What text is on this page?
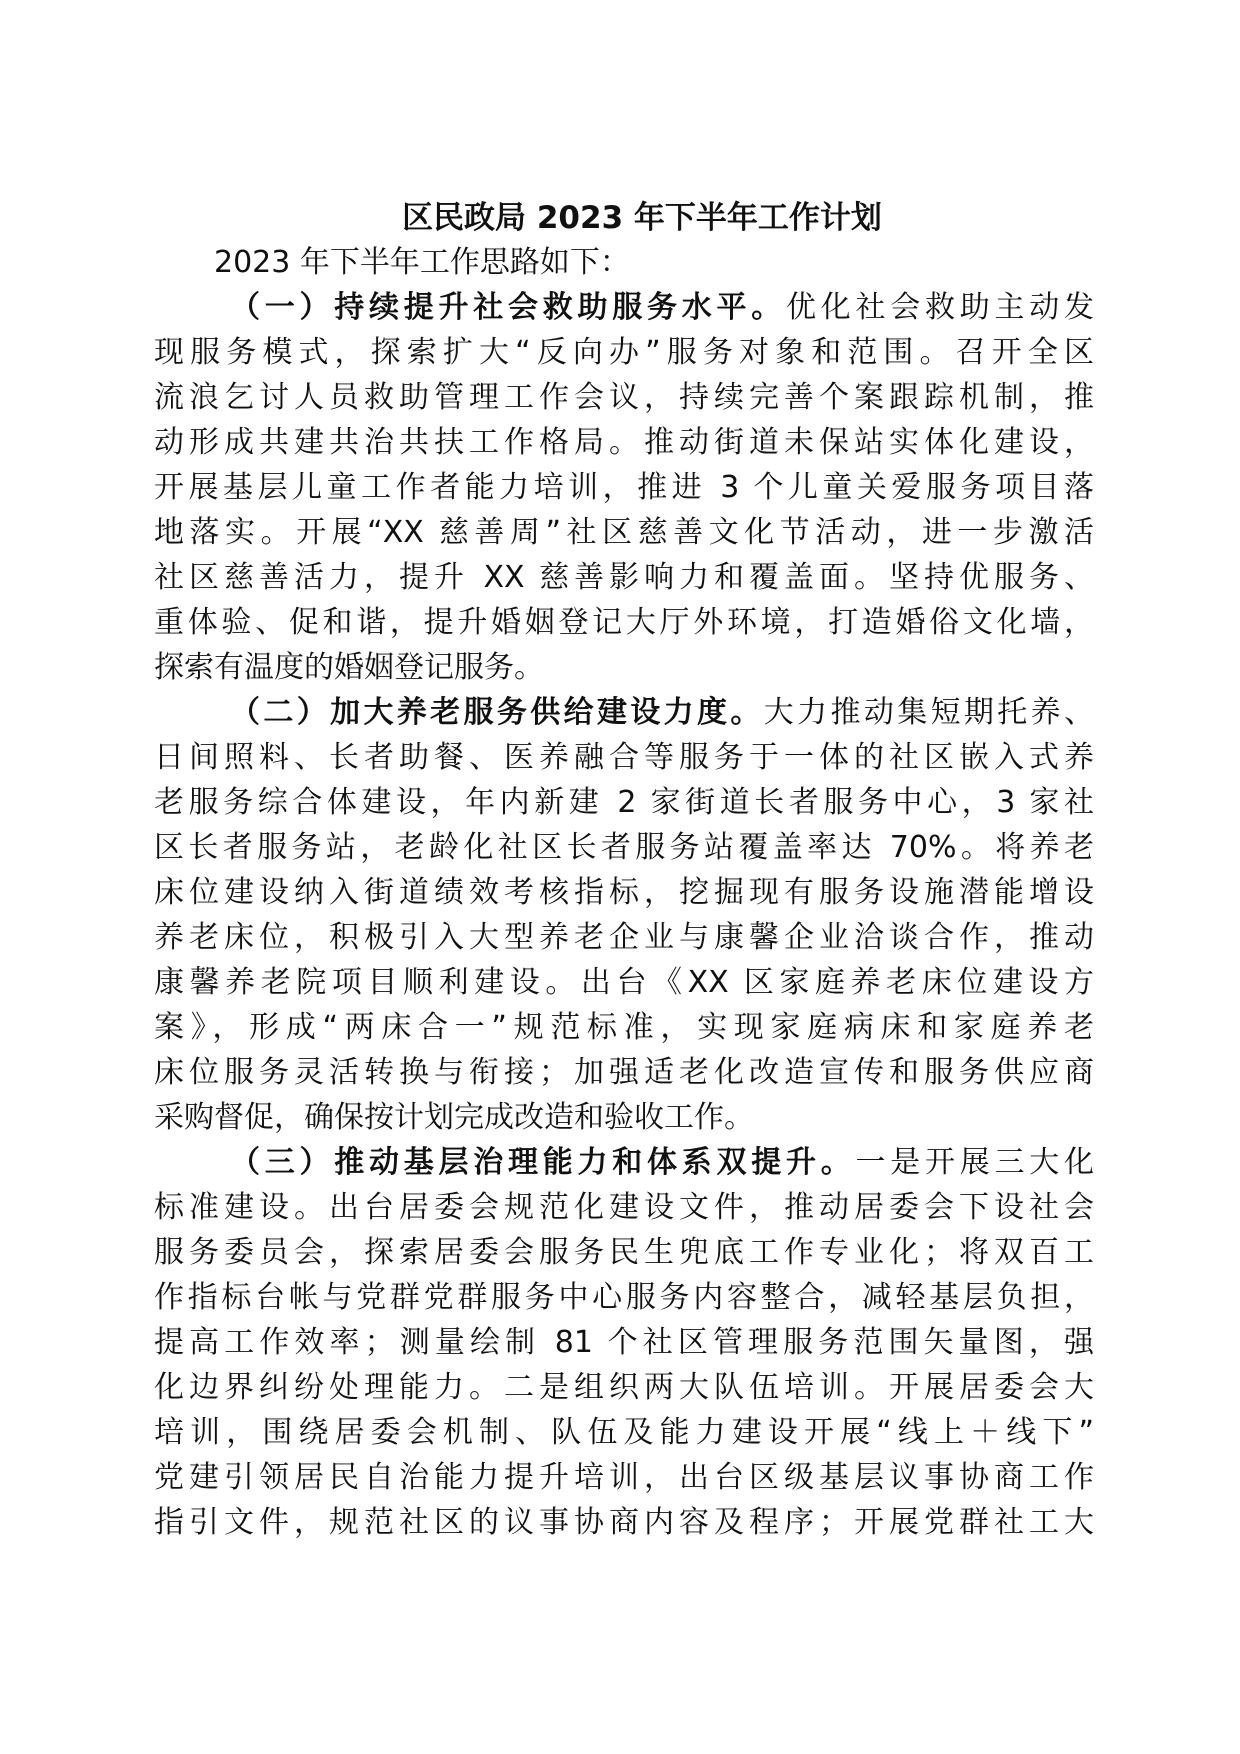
区民政局 2023 年下半年工作计划

2023 年下半年工作思路如下：

（一）持续提升社会救助服务水平。优化社会救助主动发

现服务模式，探索扩大“反向办”服务对象和范围。召开全区

流浪乞讨人员救助管理工作会议，持续完善个案跟踪机制，推

动形成共建共治共扶工作格局。推动街道未保站实体化建设，

开展基层儿童工作者能力培训，推进 3 个儿童关爱服务项目落

地落实。开展“XX 慈善周”社区慈善文化节活动，进一步激活

社区慈善活力，提升 XX 慈善影响力和覆盖面。坚持优服务、

重体验、促和谐，提升婚姻登记大厅外环境，打造婚俗文化墙，

探索有温度的婚姻登记服务。

（二）加大养老服务供给建设力度。大力推动集短期托养、

日间照料、长者助餐、医养融合等服务于一体的社区嵌入式养

老服务综合体建设，年内新建 2 家街道长者服务中心，3 家社

区长者服务站，老龄化社区长者服务站覆盖率达 70%。将养老

床位建设纳入街道绩效考核指标，挖掘现有服务设施潜能增设

养老床位，积极引入大型养老企业与康馨企业洽谈合作，推动

康馨养老院项目顺利建设。出台《XX 区家庭养老床位建设方

案》，形成“两床合一”规范标准，实现家庭病床和家庭养老

床位服务灵活转换与衔接；加强适老化改造宣传和服务供应商

采购督促，确保按计划完成改造和验收工作。

（三）推动基层治理能力和体系双提升。一是开展三大化

标准建设。出台居委会规范化建设文件，推动居委会下设社会

服务委员会，探索居委会服务民生兜底工作专业化；将双百工

作指标台帐与党群党群服务中心服务内容整合，减轻基层负担，

提高工作效率；测量绘制 81 个社区管理服务范围矢量图，强

化边界纠纷处理能力。二是组织两大队伍培训。开展居委会大

培训，围绕居委会机制、队伍及能力建设开展“线上＋线下”

党建引领居民自治能力提升培训，出台区级基层议事协商工作

指引文件，规范社区的议事协商内容及程序；开展党群社工大
